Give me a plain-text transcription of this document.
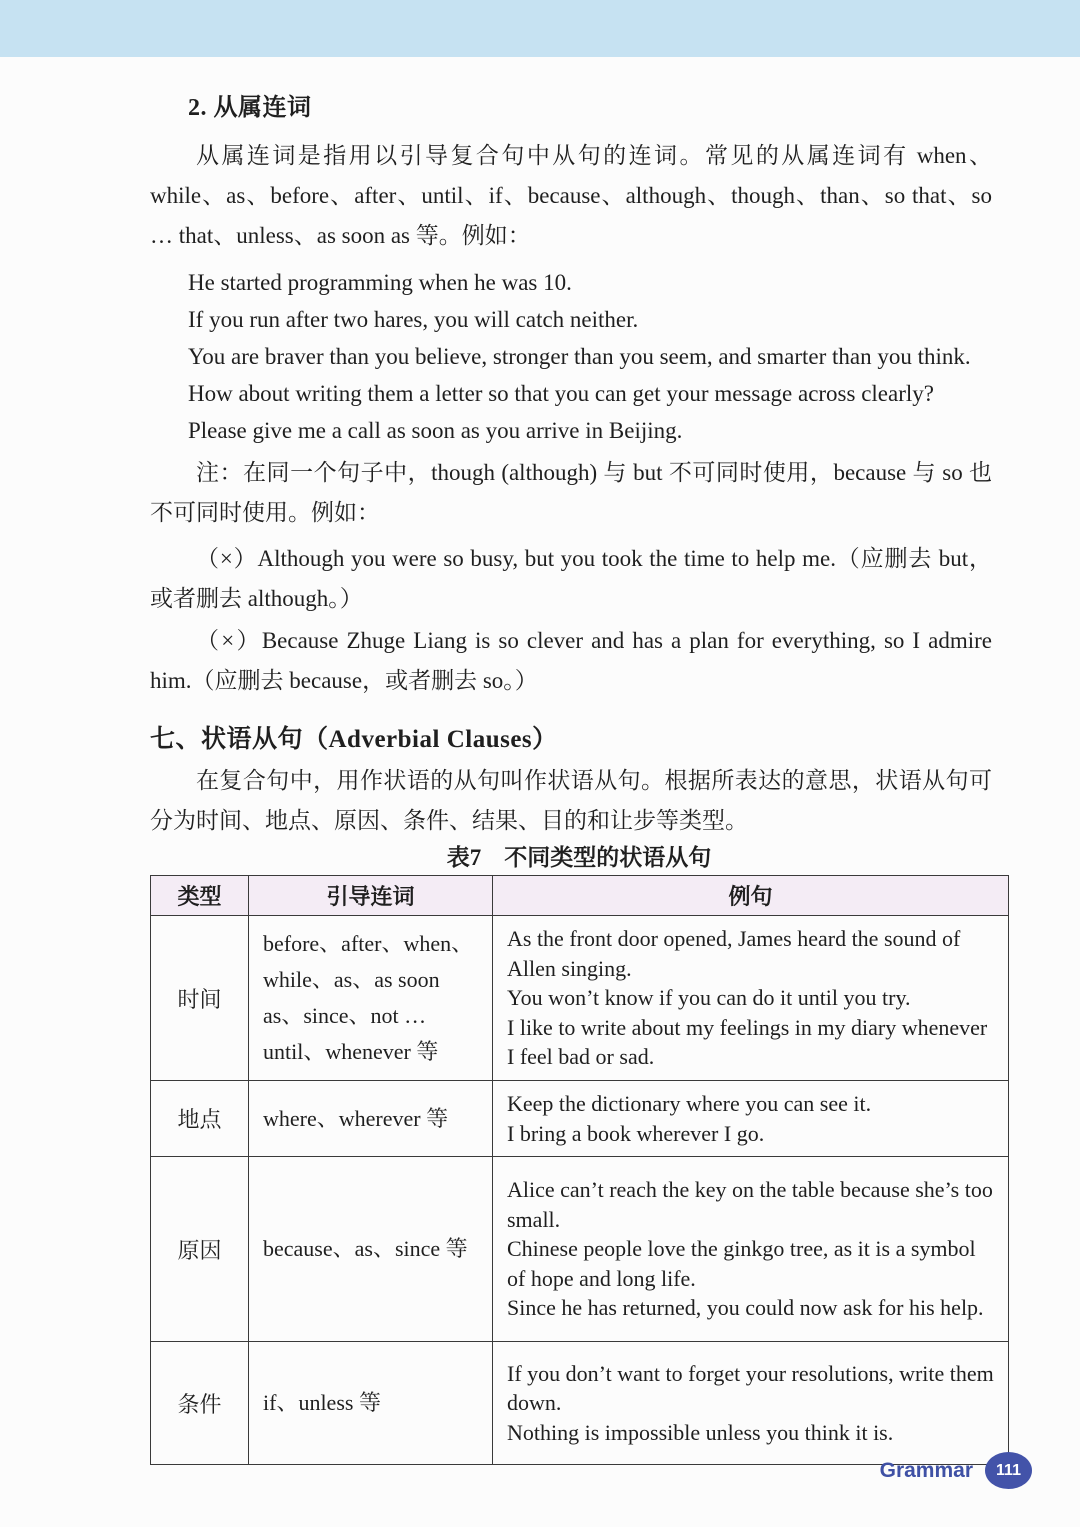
2. 从属连词
从属连词是指用以引导复合句中从句的连词。常见的从属连词有 when、while、as、before、after、until、if、because、although、though、than、so that、so … that、unless、as soon as 等。例如：
He started programming when he was 10.
If you run after two hares, you will catch neither.
You are braver than you believe, stronger than you seem, and smarter than you think.
How about writing them a letter so that you can get your message across clearly?
Please give me a call as soon as you arrive in Beijing.
注：在同一个句子中，though (although) 与 but 不可同时使用，because 与 so 也不可同时使用。例如：
（×）Although you were so busy, but you took the time to help me.（应删去 but，或者删去 although。）
（×）Because Zhuge Liang is so clever and has a plan for everything, so I admire him.（应删去 because，或者删去 so。）
七、状语从句（Adverbial Clauses）
在复合句中，用作状语的从句叫作状语从句。根据所表达的意思，状语从句可分为时间、地点、原因、条件、结果、目的和让步等类型。
表7　不同类型的状语从句
类型	引导连词	例句
时间	before、after、when、while、as、as soon as、since、not … until、whenever 等	As the front door opened, James heard the sound of Allen singing.
You won’t know if you can do it until you try.
I like to write about my feelings in my diary whenever I feel bad or sad.

地点	where、wherever 等	Keep the dictionary where you can see it.
I bring a book wherever I go.

原因	because、as、since 等	Alice can’t reach the key on the table because she’s too small.
Chinese people love the ginkgo tree, as it is a symbol of hope and long life.
Since he has returned, you could now ask for his help.

条件	if、unless 等	If you don’t want to forget your resolutions, write them down.
Nothing is impossible unless you think it is.
Grammar	111
